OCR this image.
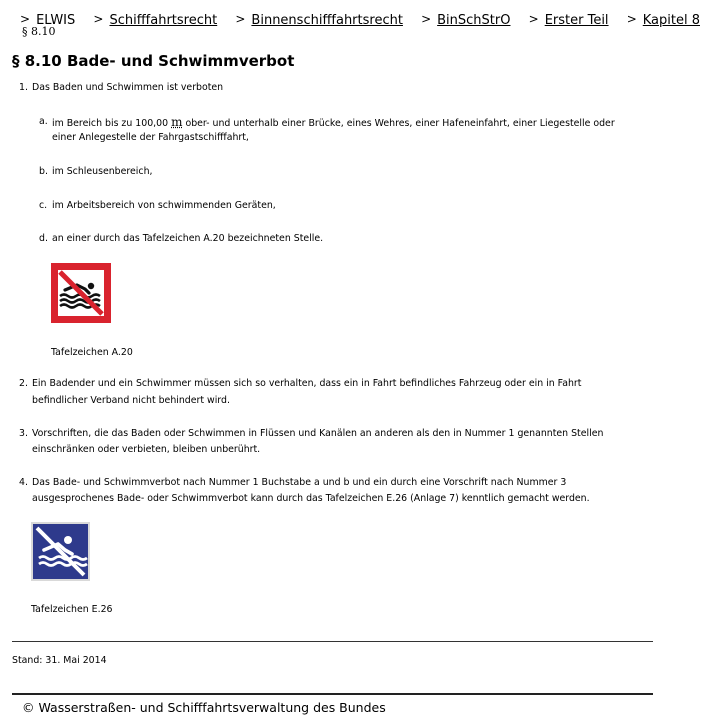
> ELWIS > Schifffahrtsrecht > Binnenschifffahrtsrecht > BinSchStrO > Erster Teil > Kapitel 8
§ 8.10
§ 8.10 Bade- und Schwimmverbot
1. Das Baden und Schwimmen ist verboten
a. im Bereich bis zu 100,00 m ober- und unterhalb einer Brücke, eines Wehres, einer Hafeneinfahrt, einer Liegestelle oder
einer Anlegestelle der Fahrgastschifffahrt,
b. im Schleusenbereich,
c. im Arbeitsbereich von schwimmenden Geräten,
d. an einer durch das Tafelzeichen A.20 bezeichneten Stelle.
Tafelzeichen A.20
2. Ein Badender und ein Schwimmer müssen sich so verhalten, dass ein in Fahrt befindliches Fahrzeug oder ein in Fahrt
befindlicher Verband nicht behindert wird.
3. Vorschriften, die das Baden oder Schwimmen in Flüssen und Kanälen an anderen als den in Nummer 1 genannten Stellen
einschränken oder verbieten, bleiben unberührt.
4. Das Bade- und Schwimmverbot nach Nummer 1 Buchstabe a und b und ein durch eine Vorschrift nach Nummer 3
ausgesprochenes Bade- oder Schwimmverbot kann durch das Tafelzeichen E.26 (Anlage 7) kenntlich gemacht werden.
Tafelzeichen E.26
Stand: 31. Mai 2014
© Wasserstraßen- und Schifffahrtsverwaltung des Bundes
